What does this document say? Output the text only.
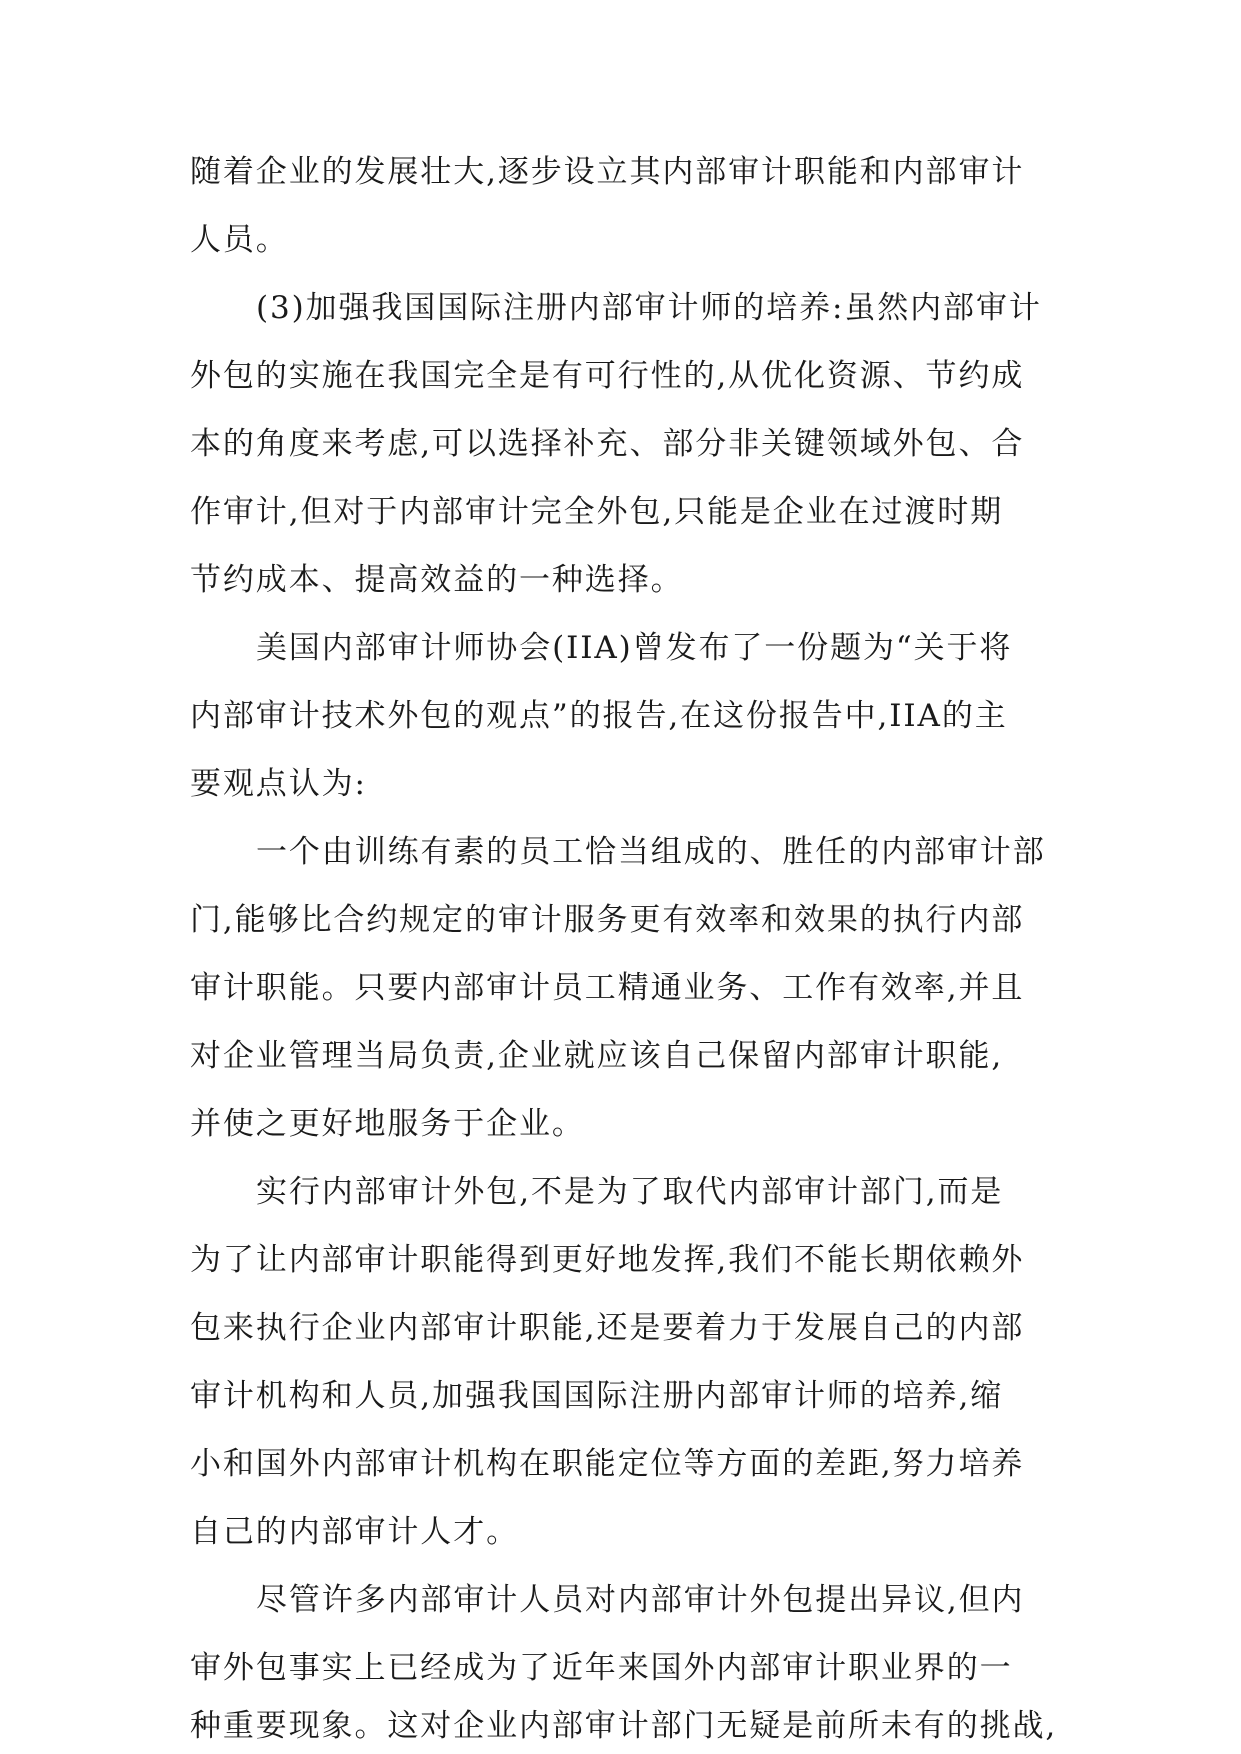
随着企业的发展壮大,逐步设立其内部审计职能和内部审计
人员。
(3)加强我国国际注册内部审计师的培养:虽然内部审计
外包的实施在我国完全是有可行性的,从优化资源、节约成
本的角度来考虑,可以选择补充、部分非关键领域外包、合
作审计,但对于内部审计完全外包,只能是企业在过渡时期
节约成本、提高效益的一种选择。
美国内部审计师协会(IIA)曾发布了一份题为“关于将
内部审计技术外包的观点”的报告,在这份报告中,IIA的主
要观点认为:
一个由训练有素的员工恰当组成的、胜任的内部审计部
门,能够比合约规定的审计服务更有效率和效果的执行内部
审计职能。只要内部审计员工精通业务、工作有效率,并且
对企业管理当局负责,企业就应该自己保留内部审计职能,
并使之更好地服务于企业。
实行内部审计外包,不是为了取代内部审计部门,而是
为了让内部审计职能得到更好地发挥,我们不能长期依赖外
包来执行企业内部审计职能,还是要着力于发展自己的内部
审计机构和人员,加强我国国际注册内部审计师的培养,缩
小和国外内部审计机构在职能定位等方面的差距,努力培养
自己的内部审计人才。
尽管许多内部审计人员对内部审计外包提出异议,但内
审外包事实上已经成为了近年来国外内部审计职业界的一
种重要现象。这对企业内部审计部门无疑是前所未有的挑战,
